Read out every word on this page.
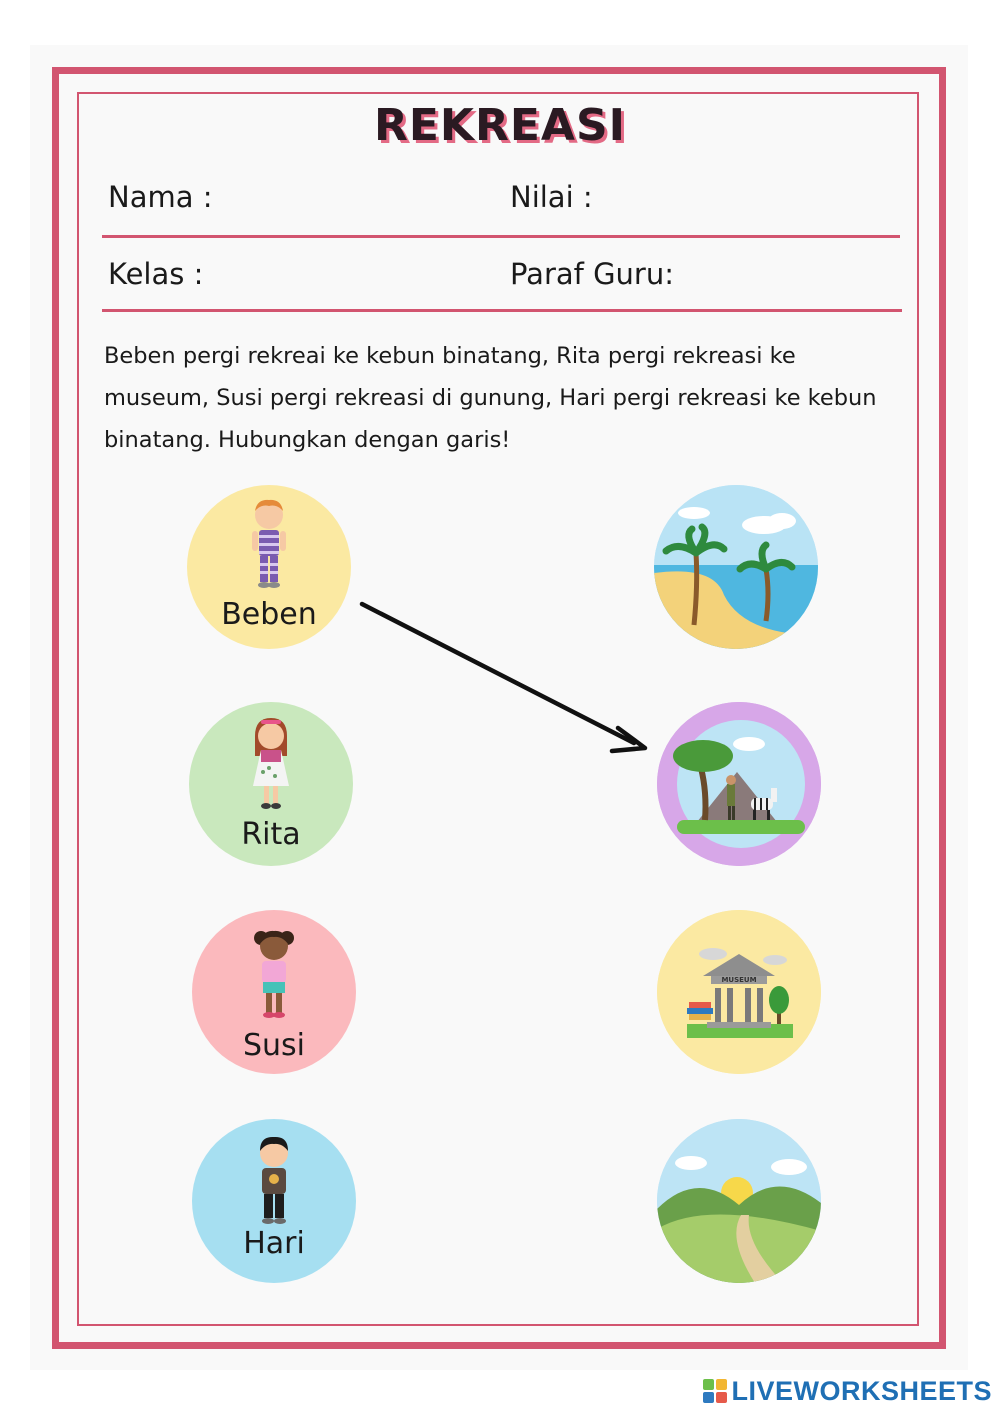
REKREASI
Nama :	Nilai :
Kelas :	Paraf Guru:
Beben pergi rekreai ke kebun binatang, Rita pergi rekreasi ke museum, Susi pergi rekreasi di gunung, Hari pergi rekreasi ke kebun binatang. Hubungkan dengan garis!
Beben
Rita
Susi
Hari
MUSEUM
LIVEWORKSHEETS
